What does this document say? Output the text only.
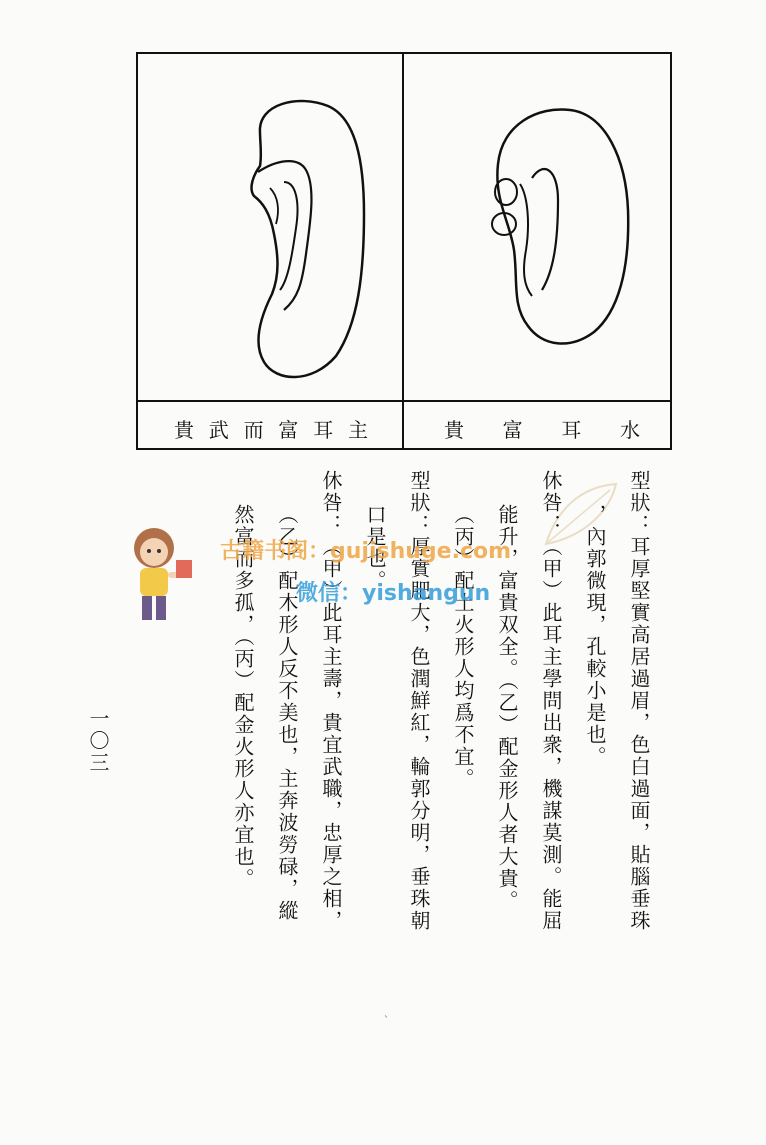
貴 武 而 富 耳 主	貴 富 耳 水
型狀：耳厚堅實高居過眉，色白過面，貼腦垂珠
，內郭微現，孔較小是也。
休咎：（甲）此耳主學問出衆，機謀莫測。能屈
能升，富貴双全。（乙）配金形人者大貴。
（丙）配土火形人均爲不宜。
型狀：厚實肥大，色潤鮮紅，輪郭分明，垂珠朝
口是也。
休咎：（甲）此耳主壽，貴宜武職，忠厚之相，
（乙）配木形人反不美也，主奔波勞碌，縱
然富而多孤，（丙）配金火形人亦宜也。
古籍书阁：gujishuge.com
微信：yishangun
一〇三
ˋ
